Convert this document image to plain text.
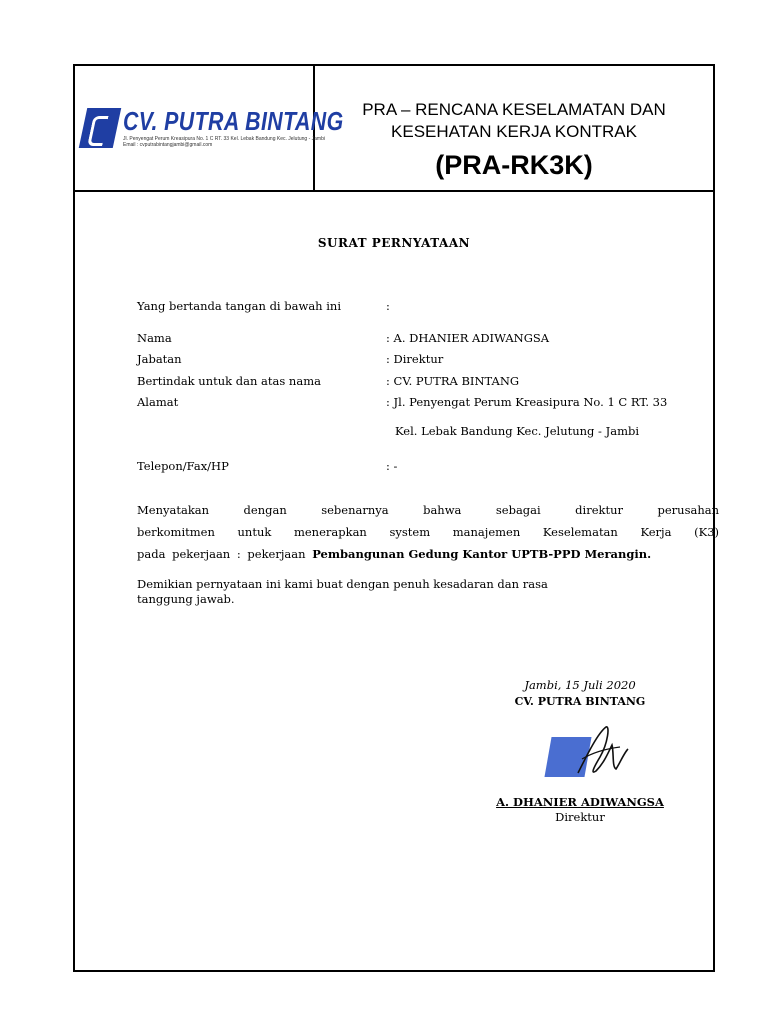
CV. PUTRA BINTANG
Jl. Penyengat Perum Kreasipura No. 1 C RT. 33 Kel. Lebak Bandung Kec. Jelutung - Jambi
Email : cvputrabintangjambi@gmail.com
PRA – RENCANA KESELAMATAN DAN
KESEHATAN KERJA KONTRAK
(PRA-RK3K)
SURAT PERNYATAAN
Yang bertanda tangan di bawah ini	:
Nama	: A. DHANIER ADIWANGSA
Jabatan	: Direktur
Bertindak untuk dan atas nama	: CV. PUTRA BINTANG
Alamat	: Jl. Penyengat Perum Kreasipura No. 1 C RT. 33
Kel. Lebak Bandung Kec. Jelutung - Jambi
Telepon/Fax/HP	: -
Menyatakan dengan sebenarnya bahwa sebagai direktur perusahan
berkomitmen untuk menerapkan system manajemen Keselematan Kerja (K3)
pada pekerjaan : pekerjaan Pembangunan Gedung Kantor UPTB-PPD Merangin.
Demikian pernyataan ini kami buat dengan penuh kesadaran dan rasa
tanggung jawab.
Jambi, 15 Juli 2020
CV. PUTRA BINTANG
A. DHANIER ADIWANGSA
Direktur
